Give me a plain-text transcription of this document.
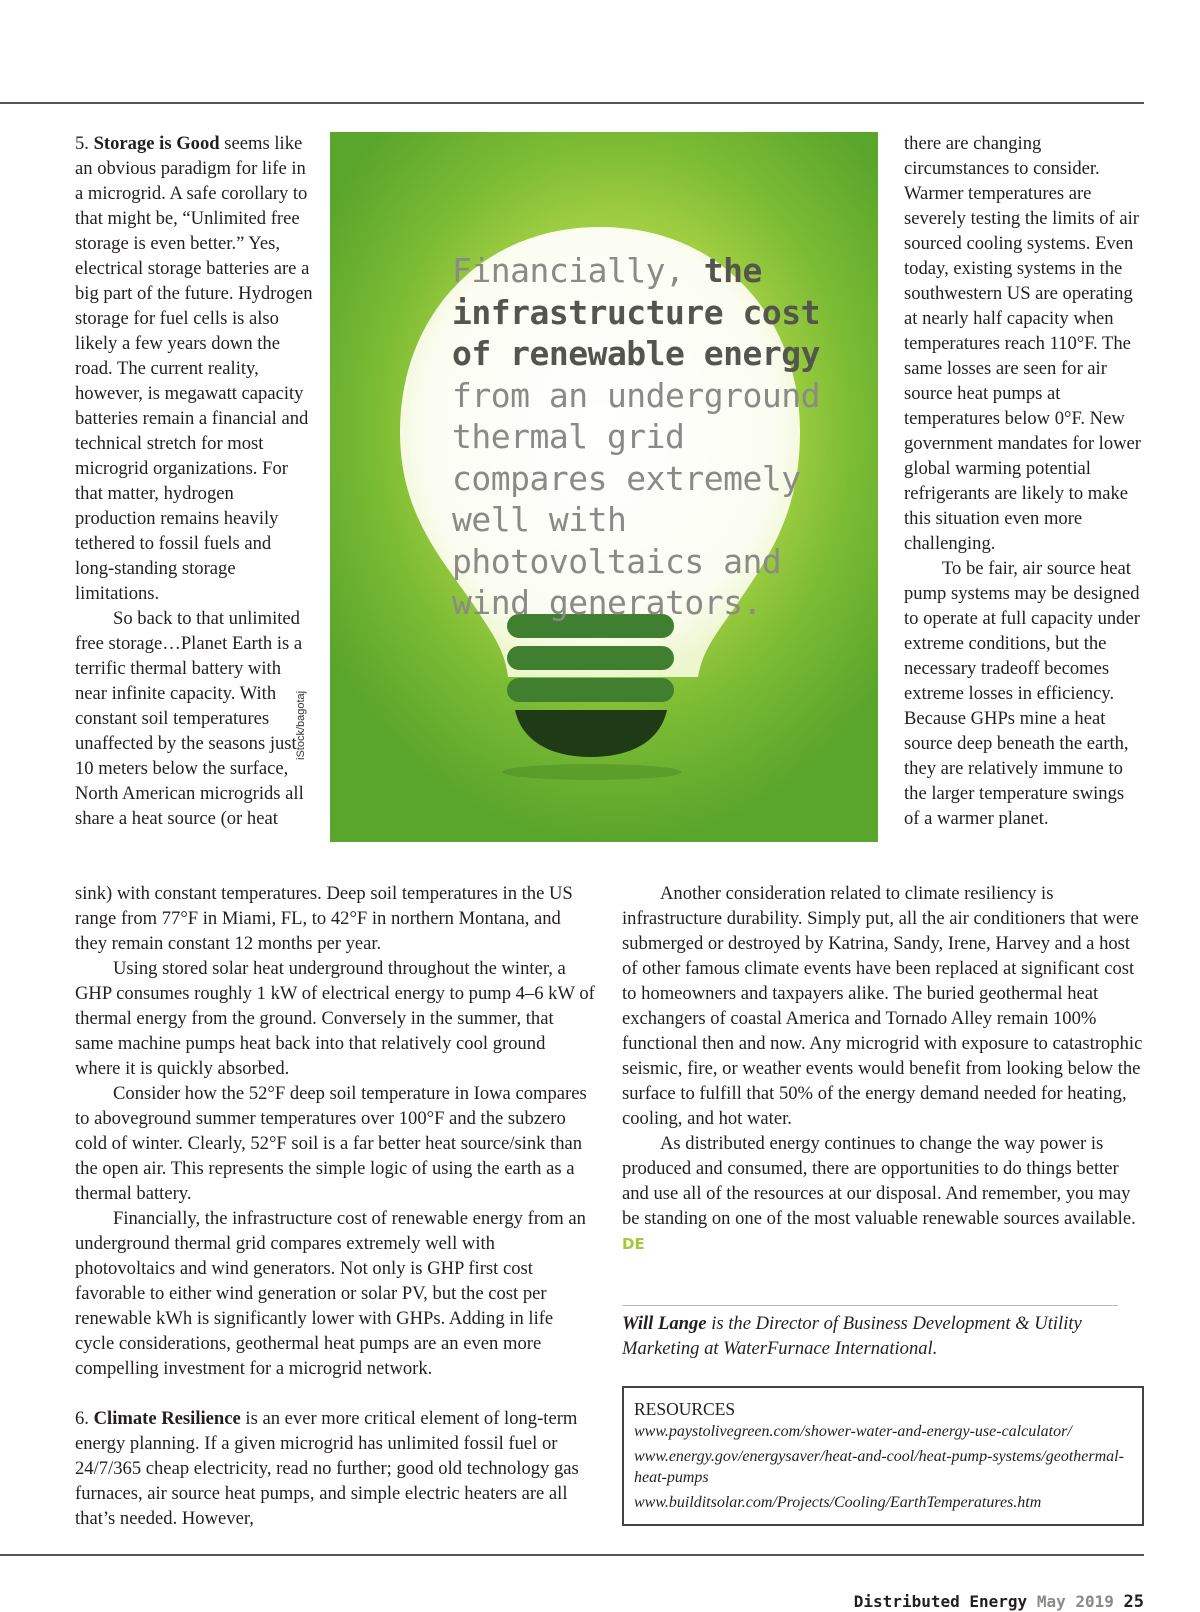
5. Storage is Good seems like an obvious paradigm for life in a microgrid. A safe corollary to that might be, “Unlimited free storage is even better.” Yes, electrical storage batteries are a big part of the future. Hydrogen storage for fuel cells is also likely a few years down the road. The current reality, however, is megawatt capacity batteries remain a financial and technical stretch for most microgrid organizations. For that matter, hydrogen production remains heavily tethered to fossil fuels and long-standing storage limitations.

So back to that unlimited free storage…Planet Earth is a terrific thermal battery with near infinite capacity. With constant soil temperatures unaffected by the seasons just 10 meters below the surface, North American microgrids all share a heat source (or heat

Financially, the infrastructure cost of renewable energy from an underground thermal grid compares extremely well with photovoltaics and wind generators.

iStock/bagotaj

there are changing circumstances to consider. Warmer temperatures are severely testing the limits of air sourced cooling systems. Even today, existing systems in the southwestern US are operating at nearly half capacity when temperatures reach 110°F. The same losses are seen for air source heat pumps at temperatures below 0°F. New government mandates for lower global warming potential refrigerants are likely to make this situation even more challenging.

To be fair, air source heat pump systems may be designed to operate at full capacity under extreme conditions, but the necessary tradeoff becomes extreme losses in efficiency. Because GHPs mine a heat source deep beneath the earth, they are relatively immune to the larger temperature swings of a warmer planet.

sink) with constant temperatures. Deep soil temperatures in the US range from 77°F in Miami, FL, to 42°F in northern Montana, and they remain constant 12 months per year.

Using stored solar heat underground throughout the winter, a GHP consumes roughly 1 kW of electrical energy to pump 4–6 kW of thermal energy from the ground. Conversely in the summer, that same machine pumps heat back into that relatively cool ground where it is quickly absorbed.

Consider how the 52°F deep soil temperature in Iowa compares to aboveground summer temperatures over 100°F and the subzero cold of winter. Clearly, 52°F soil is a far better heat source/sink than the open air. This represents the simple logic of using the earth as a thermal battery.

Financially, the infrastructure cost of renewable energy from an underground thermal grid compares extremely well with photovoltaics and wind generators. Not only is GHP first cost favorable to either wind generation or solar PV, but the cost per renewable kWh is significantly lower with GHPs. Adding in life cycle considerations, geothermal heat pumps are an even more compelling investment for a microgrid network.

6. Climate Resilience is an ever more critical element of long-term energy planning. If a given microgrid has unlimited fossil fuel or 24/7/365 cheap electricity, read no further; good old technology gas furnaces, air source heat pumps, and simple electric heaters are all that’s needed. However,

Another consideration related to climate resiliency is infrastructure durability. Simply put, all the air conditioners that were submerged or destroyed by Katrina, Sandy, Irene, Harvey and a host of other famous climate events have been replaced at significant cost to homeowners and taxpayers alike. The buried geothermal heat exchangers of coastal America and Tornado Alley remain 100% functional then and now. Any microgrid with exposure to catastrophic seismic, fire, or weather events would benefit from looking below the surface to fulfill that 50% of the energy demand needed for heating, cooling, and hot water.

As distributed energy continues to change the way power is produced and consumed, there are opportunities to do things better and use all of the resources at our disposal. And remember, you may be standing on one of the most valuable renewable sources available. DE

Will Lange is the Director of Business Development & Utility Marketing at WaterFurnace International.

RESOURCES

www.paystolivegreen.com/shower-water-and-energy-use-calculator/
www.energy.gov/energysaver/heat-and-cool/heat-pump-systems/geothermal-heat-pumps
www.builditsolar.com/Projects/Cooling/EarthTemperatures.htm
Distributed Energy May 2019 25
